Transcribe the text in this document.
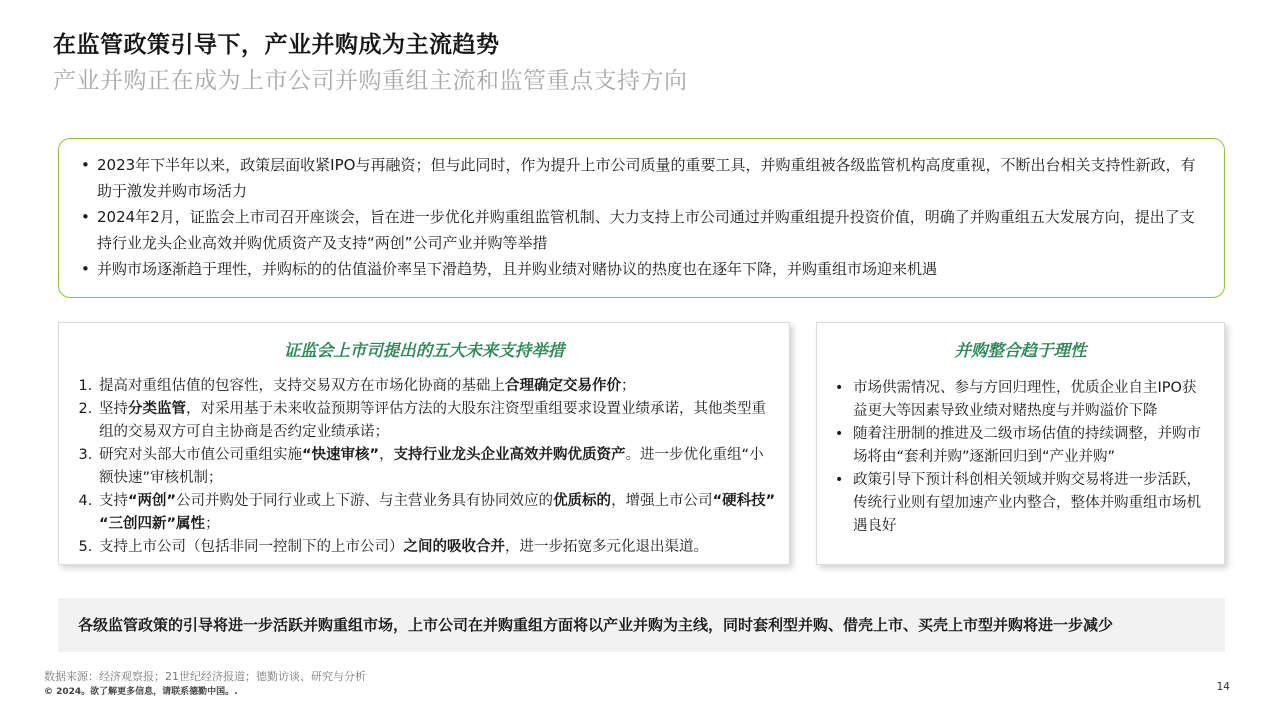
在监管政策引导下，产业并购成为主流趋势
产业并购正在成为上市公司并购重组主流和监管重点支持方向
• 2023年下半年以来，政策层面收紧IPO与再融资；但与此同时，作为提升上市公司质量的重要工具，并购重组被各级监管机构高度重视，不断出台相关支持性新政，有助于激发并购市场活力
• 2024年2月，证监会上市司召开座谈会，旨在进一步优化并购重组监管机制、大力支持上市公司通过并购重组提升投资价值，明确了并购重组五大发展方向，提出了支持行业龙头企业高效并购优质资产及支持“两创”公司产业并购等举措
• 并购市场逐渐趋于理性，并购标的的估值溢价率呈下滑趋势，且并购业绩对赌协议的热度也在逐年下降，并购重组市场迎来机遇
证监会上市司提出的五大未来支持举措
1. 提高对重组估值的包容性，支持交易双方在市场化协商的基础上合理确定交易作价；
2. 坚持分类监管，对采用基于未来收益预期等评估方法的大股东注资型重组要求设置业绩承诺，其他类型重组的交易双方可自主协商是否约定业绩承诺；
3. 研究对头部大市值公司重组实施“快速审核”，支持行业龙头企业高效并购优质资产。进一步优化重组“小额快速”审核机制；
4. 支持“两创”公司并购处于同行业或上下游、与主营业务具有协同效应的优质标的，增强上市公司“硬科技”“三创四新”属性；
5. 支持上市公司（包括非同一控制下的上市公司）之间的吸收合并，进一步拓宽多元化退出渠道。
并购整合趋于理性
• 市场供需情况、参与方回归理性，优质企业自主IPO获益更大等因素导致业绩对赌热度与并购溢价下降
• 随着注册制的推进及二级市场估值的持续调整，并购市场将由“套利并购”逐渐回归到“产业并购”
• 政策引导下预计科创相关领域并购交易将进一步活跃，传统行业则有望加速产业内整合，整体并购重组市场机遇良好
各级监管政策的引导将进一步活跃并购重组市场，上市公司在并购重组方面将以产业并购为主线，同时套利型并购、借壳上市、买壳上市型并购将进一步减少
数据来源：经济观察报；21世纪经济报道；德勤访谈、研究与分析
© 2024。欲了解更多信息，请联系德勤中国。.	14
